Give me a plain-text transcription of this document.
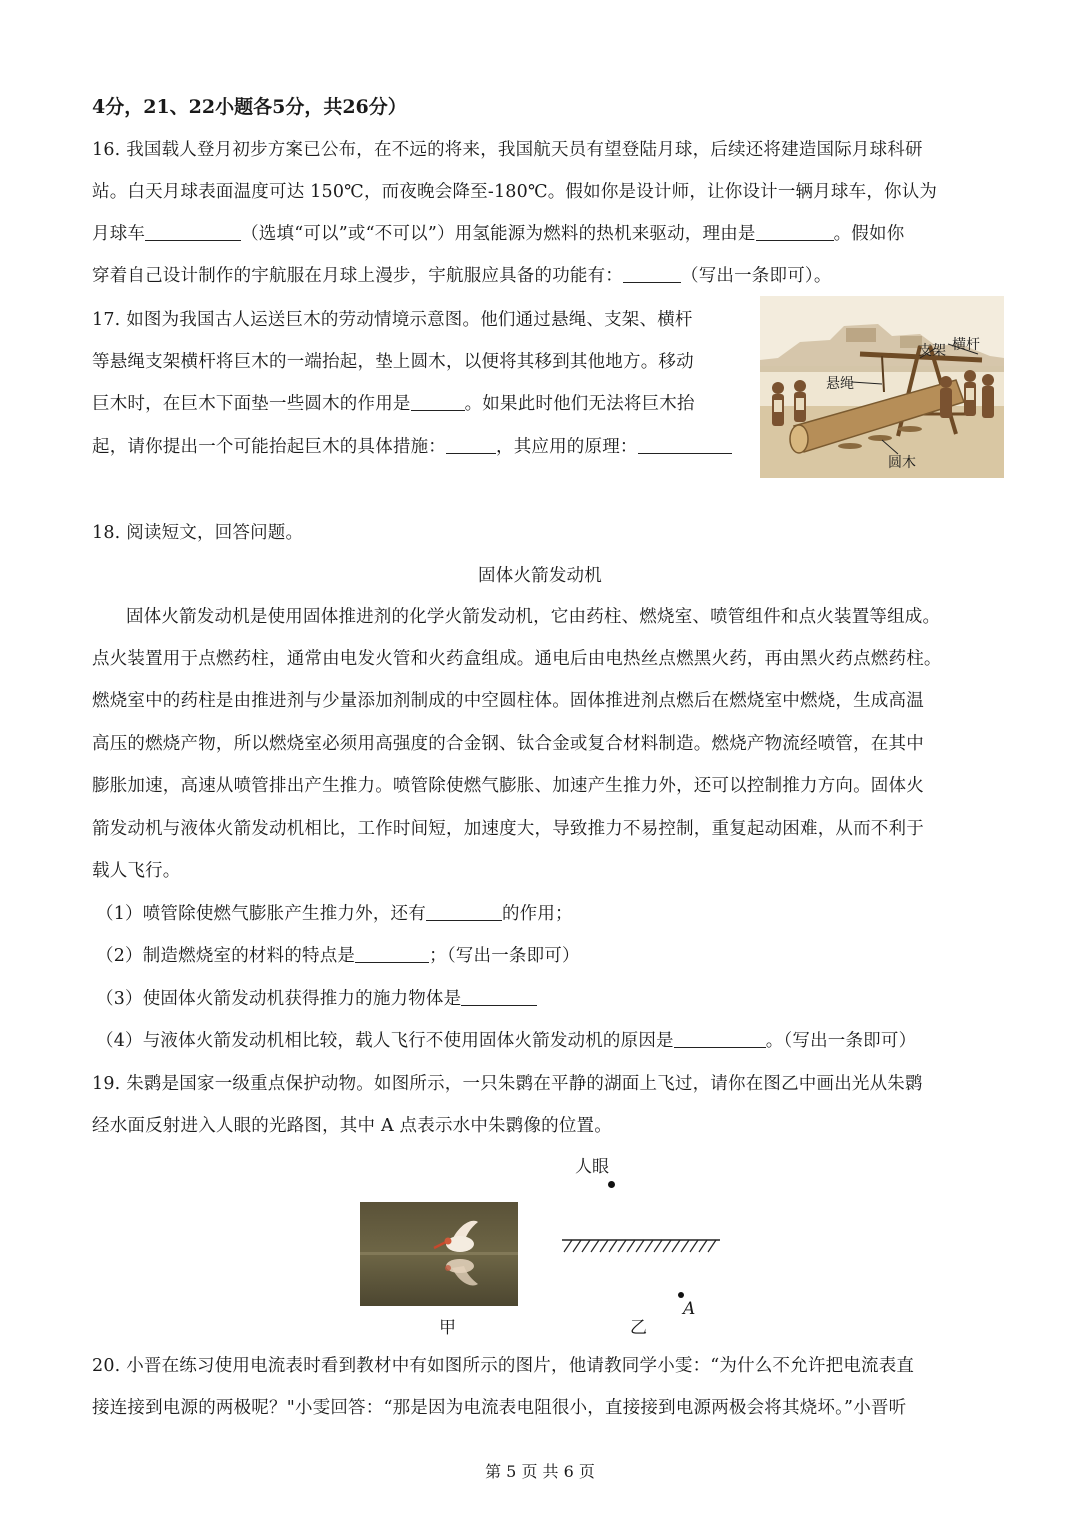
4分，21、22小题各5分，共26分）
16. 我国载人登月初步方案已公布，在不远的将来，我国航天员有望登陆月球，后续还将建造国际月球科研
站。白天月球表面温度可达 150℃，而夜晚会降至-180℃。假如你是设计师，让你设计一辆月球车，你认为
月球车	（选填“可以”或“不可以”）用氢能源为燃料的热机来驱动，理由是	。假如你
穿着自己设计制作的宇航服在月球上漫步，宇航服应具备的功能有：	（写出一条即可）。
17. 如图为我国古人运送巨木的劳动情境示意图。他们通过悬绳、支架、横杆
等悬绳支架横杆将巨木的一端抬起，垫上圆木，以便将其移到其他地方。移动
巨木时，在巨木下面垫一些圆木的作用是	。如果此时他们无法将巨木抬
起，请你提出一个可能抬起巨木的具体措施：	，其应用的原理：
横杆
支架
悬绳
圆木
18. 阅读短文，回答问题。
固体火箭发动机
固体火箭发动机是使用固体推进剂的化学火箭发动机，它由药柱、燃烧室、喷管组件和点火装置等组成。
点火装置用于点燃药柱，通常由电发火管和火药盒组成。通电后由电热丝点燃黑火药，再由黑火药点燃药柱。
燃烧室中的药柱是由推进剂与少量添加剂制成的中空圆柱体。固体推进剂点燃后在燃烧室中燃烧，生成高温
高压的燃烧产物，所以燃烧室必须用高强度的合金钢、钛合金或复合材料制造。燃烧产物流经喷管，在其中
膨胀加速，高速从喷管排出产生推力。喷管除使燃气膨胀、加速产生推力外，还可以控制推力方向。固体火
箭发动机与液体火箭发动机相比，工作时间短，加速度大，导致推力不易控制，重复起动困难，从而不利于
载人飞行。
（1）喷管除使燃气膨胀产生推力外，还有	的作用；
（2）制造燃烧室的材料的特点是	；（写出一条即可）
（3）使固体火箭发动机获得推力的施力物体是
（4）与液体火箭发动机相比较，载人飞行不使用固体火箭发动机的原因是	。（写出一条即可）
19. 朱鹮是国家一级重点保护动物。如图所示，一只朱鹮在平静的湖面上飞过，请你在图乙中画出光从朱鹮
经水面反射进入人眼的光路图，其中 A 点表示水中朱鹮像的位置。
甲
人眼
A
乙
20. 小晋在练习使用电流表时看到教材中有如图所示的图片，他请教同学小雯：“为什么不允许把电流表直
接连接到电源的两极呢？"小雯回答：“那是因为电流表电阻很小，直接接到电源两极会将其烧坏。”小晋听
第 5 页 共 6 页
